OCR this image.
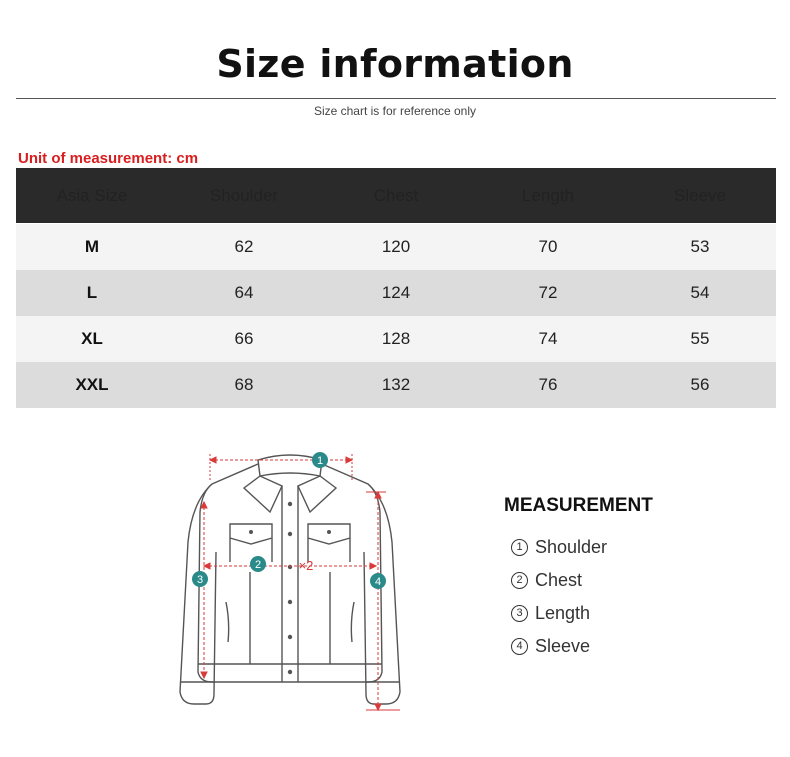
Size information
Size chart is for reference only
Unit of measurement: cm
Asia Size	Shoulder	Chest	Length	Sleeve
M	62	120	70	53
L	64	124	72	54
XL	66	128	74	55
XXL	68	132	76	56
1
2
3	4
×2
MEASUREMENT
1 Shoulder
2 Chest
3 Length
4 Sleeve
